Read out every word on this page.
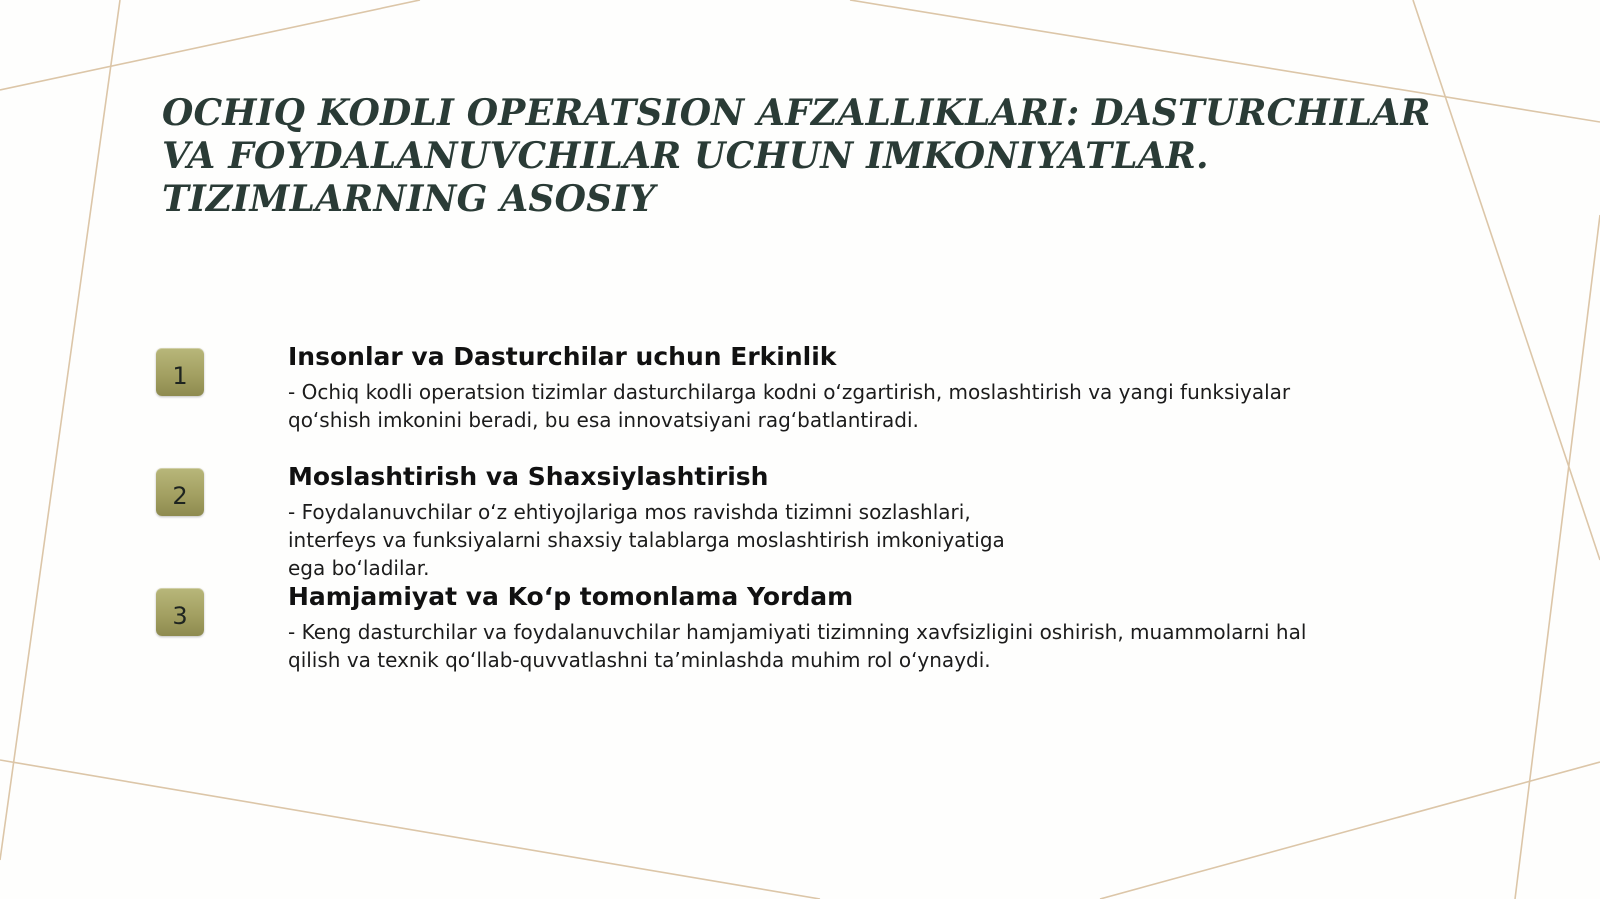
OCHIQ KODLI OPERATSION AFZALLIKLARI: DASTURCHILAR VA FOYDALANUVCHILAR UCHUN IMKONIYATLAR. TIZIMLARNING ASOSIY
1
Insonlar va Dasturchilar uchun Erkinlik

- Ochiq kodli operatsion tizimlar dasturchilarga kodni o‘zgartirish, moslashtirish va yangi funksiyalar
qo‘shish imkonini beradi, bu esa innovatsiyani rag‘batlantiradi.

2
Moslashtirish va Shaxsiylashtirish

- Foydalanuvchilar o‘z ehtiyojlariga mos ravishda tizimni sozlashlari,
interfeys va funksiyalarni shaxsiy talablarga moslashtirish imkoniyatiga
ega bo‘ladilar.

3
Hamjamiyat va Ko‘p tomonlama Yordam

- Keng dasturchilar va foydalanuvchilar hamjamiyati tizimning xavfsizligini oshirish, muammolarni hal
qilish va texnik qo‘llab-quvvatlashni ta’minlashda muhim rol o‘ynaydi.
